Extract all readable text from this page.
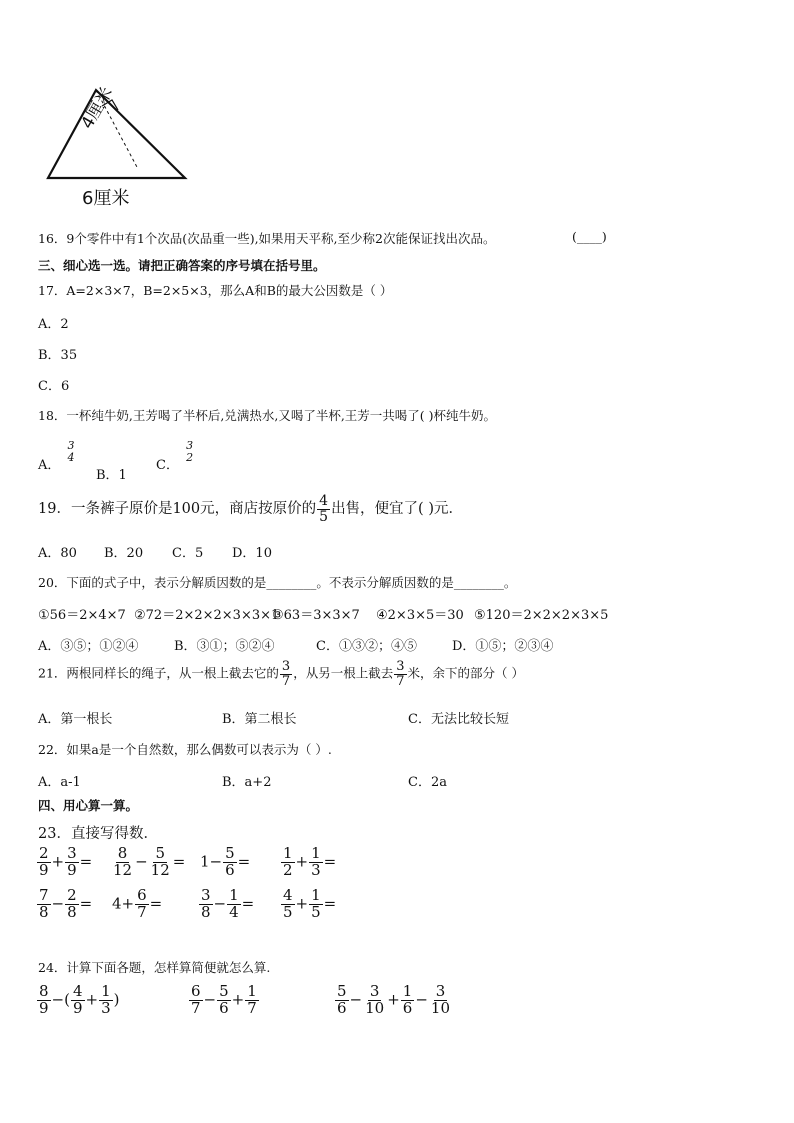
4厘米
6厘米
16．9个零件中有1个次品(次品重一些),如果用天平称,至少称2次能保证找出次品。	(____)
三、细心选一选。请把正确答案的序号填在括号里。
17．A=2×3×7，B=2×5×3，那么A和B的最大公因数是（ ）
A．2
B．35
C．6
18．一杯纯牛奶,王芳喝了半杯后,兑满热水,又喝了半杯,王芳一共喝了( )杯纯牛奶。
A．
3
4
B．1
C．
3
2
19．一条裤子原价是100元，商店按原价的 $\frac{4}{5}$ 出售，便宜了( )元．
A．80 B．20 C．5 D．10
20．下面的式子中，表示分解质因数的是________。不表示分解质因数的是________。
①56＝2×4×7 ②72＝2×2×2×3×3×1
③63＝3×3×7 ④2×3×5＝30 ⑤120＝2×2×2×3×5
A．③⑤；①②④	B．③①；⑤②④	C．①③②；④⑤	D．①⑤；②③④
21．两根同样长的绳子，从一根上截去它的 $\frac{3}{7}$ ，从另一根上截去 $\frac{3}{7}$ 米，余下的部分（ ）
A．第一根长	B．第二根长	C．无法比较长短
22．如果a是一个自然数，那么偶数可以表示为（ ）.
A．a-1	B．a+2	C．2a
四、用心算一算。
23．直接写得数．
$\frac{2}{9} + \frac{3}{9} = \frac{8}{12} - \frac{5}{12} = 1- \frac{5}{6} = \frac{1}{2} + \frac{1}{3}$ =
$\frac{7}{8} - \frac{2}{8} = 4+ \frac{6}{7} = \frac{3}{8} - \frac{1}{4} = \frac{4}{5} + \frac{1}{5}$ =
24．计算下面各题，怎样算简便就怎么算.
$\frac{8}{9}$ −( $\frac{4}{9} + \frac{1}{3}$ )	$\frac{6}{7} - \frac{5}{6} + \frac{1}{7}$	$\frac{5}{6} - \frac{3}{10} + \frac{1}{6} - \frac{3}{10}$
